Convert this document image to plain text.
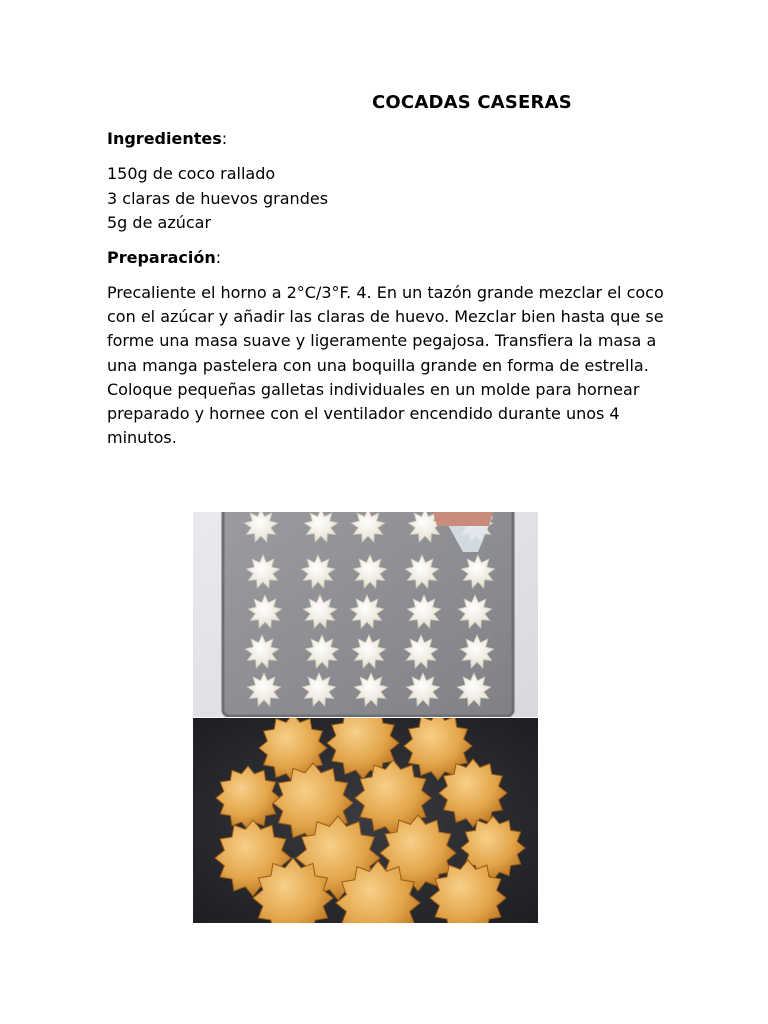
COCADAS CASERAS
Ingredientes:
150g de coco rallado
3 claras de huevos grandes
5g de azúcar
Preparación:

Precaliente el horno a 2°C/3°F. 4. En un tazón grande mezclar el coco con el azúcar y añadir las claras de huevo. Mezclar bien hasta que se forme una masa suave y ligeramente pegajosa. Transfiera la masa a una manga pastelera con una boquilla grande en forma de estrella. Coloque pequeñas galletas individuales en un molde para hornear preparado y hornee con el ventilador encendido durante unos 4 minutos.
